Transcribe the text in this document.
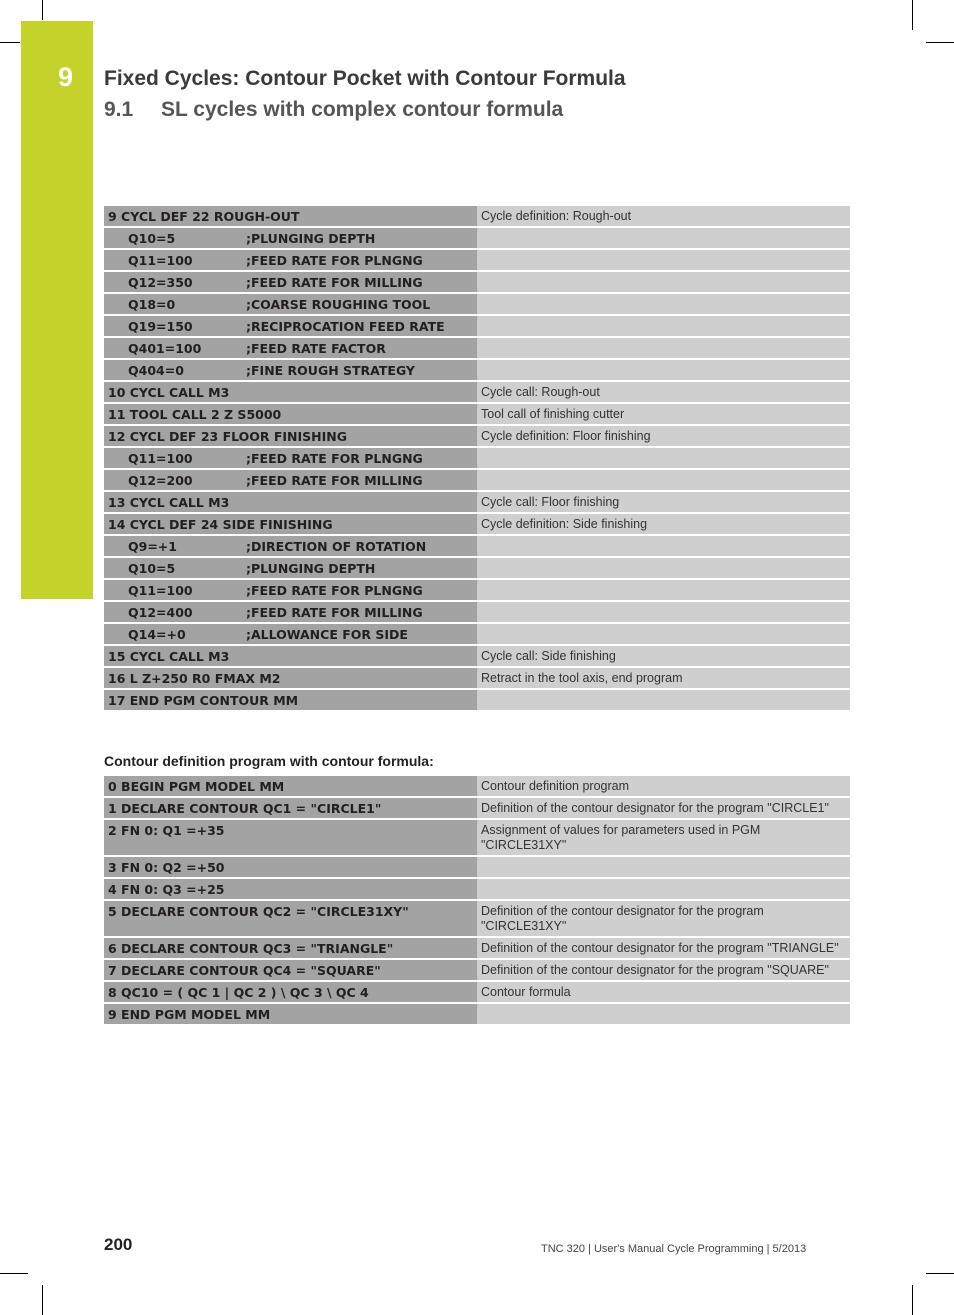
9 Fixed Cycles: Contour Pocket with Contour Formula
9.1 SL cycles with complex contour formula
9 CYCL DEF 22 ROUGH-OUT	Cycle definition: Rough-out
Q10=5 ;PLUNGING DEPTH	
Q11=100 ;FEED RATE FOR PLNGNG	
Q12=350 ;FEED RATE FOR MILLING	
Q18=0 ;COARSE ROUGHING TOOL	
Q19=150 ;RECIPROCATION FEED RATE	
Q401=100 ;FEED RATE FACTOR	
Q404=0 ;FINE ROUGH STRATEGY	
10 CYCL CALL M3	Cycle call: Rough-out
11 TOOL CALL 2 Z S5000	Tool call of finishing cutter
12 CYCL DEF 23 FLOOR FINISHING	Cycle definition: Floor finishing
Q11=100 ;FEED RATE FOR PLNGNG	
Q12=200 ;FEED RATE FOR MILLING	
13 CYCL CALL M3	Cycle call: Floor finishing
14 CYCL DEF 24 SIDE FINISHING	Cycle definition: Side finishing
Q9=+1 ;DIRECTION OF ROTATION	
Q10=5 ;PLUNGING DEPTH	
Q11=100 ;FEED RATE FOR PLNGNG	
Q12=400 ;FEED RATE FOR MILLING	
Q14=+0 ;ALLOWANCE FOR SIDE	
15 CYCL CALL M3	Cycle call: Side finishing
16 L Z+250 R0 FMAX M2	Retract in the tool axis, end program
17 END PGM CONTOUR MM	
Contour definition program with contour formula:
0 BEGIN PGM MODEL MM	Contour definition program
1 DECLARE CONTOUR QC1 = "CIRCLE1"	Definition of the contour designator for the program "CIRCLE1"
2 FN 0: Q1 =+35	Assignment of values for parameters used in PGM "CIRCLE31XY"
3 FN 0: Q2 =+50	
4 FN 0: Q3 =+25	
5 DECLARE CONTOUR QC2 = "CIRCLE31XY"	Definition of the contour designator for the program "CIRCLE31XY"
6 DECLARE CONTOUR QC3 = "TRIANGLE"	Definition of the contour designator for the program "TRIANGLE"
7 DECLARE CONTOUR QC4 = "SQUARE"	Definition of the contour designator for the program "SQUARE"
8 QC10 = ( QC 1 | QC 2 ) \ QC 3 \ QC 4	Contour formula
9 END PGM MODEL MM	
200	TNC 320 | User's Manual Cycle Programming | 5/2013
